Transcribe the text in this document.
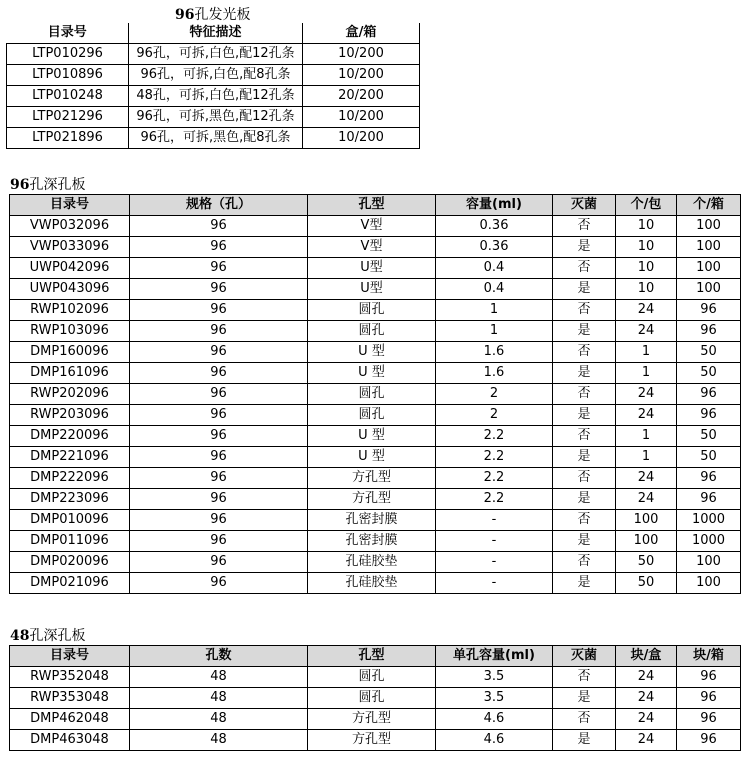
96孔发光板
目录号	特征描述	盒/箱
LTP010296	96孔，可拆,白色,配12孔条	10/200
LTP010896	96孔，可拆,白色,配8孔条	10/200
LTP010248	48孔，可拆,白色,配12孔条	20/200
LTP021296	96孔，可拆,黑色,配12孔条	10/200
LTP021896	96孔，可拆,黑色,配8孔条	10/200
96孔深孔板
目录号	规格（孔）	孔型	容量(ml)	灭菌	个/包	个/箱
VWP032096	96	V型	0.36	否	10	100
VWP033096	96	V型	0.36	是	10	100
UWP042096	96	U型	0.4	否	10	100
UWP043096	96	U型	0.4	是	10	100
RWP102096	96	圆孔	1	否	24	96
RWP103096	96	圆孔	1	是	24	96
DMP160096	96	U 型	1.6	否	1	50
DMP161096	96	U 型	1.6	是	1	50
RWP202096	96	圆孔	2	否	24	96
RWP203096	96	圆孔	2	是	24	96
DMP220096	96	U 型	2.2	否	1	50
DMP221096	96	U 型	2.2	是	1	50
DMP222096	96	方孔型	2.2	否	24	96
DMP223096	96	方孔型	2.2	是	24	96
DMP010096	96	孔密封膜	-	否	100	1000
DMP011096	96	孔密封膜	-	是	100	1000
DMP020096	96	孔硅胶垫	-	否	50	100
DMP021096	96	孔硅胶垫	-	是	50	100
48孔深孔板
目录号	孔数	孔型	单孔容量(ml)	灭菌	块/盒	块/箱
RWP352048	48	圆孔	3.5	否	24	96
RWP353048	48	圆孔	3.5	是	24	96
DMP462048	48	方孔型	4.6	否	24	96
DMP463048	48	方孔型	4.6	是	24	96
